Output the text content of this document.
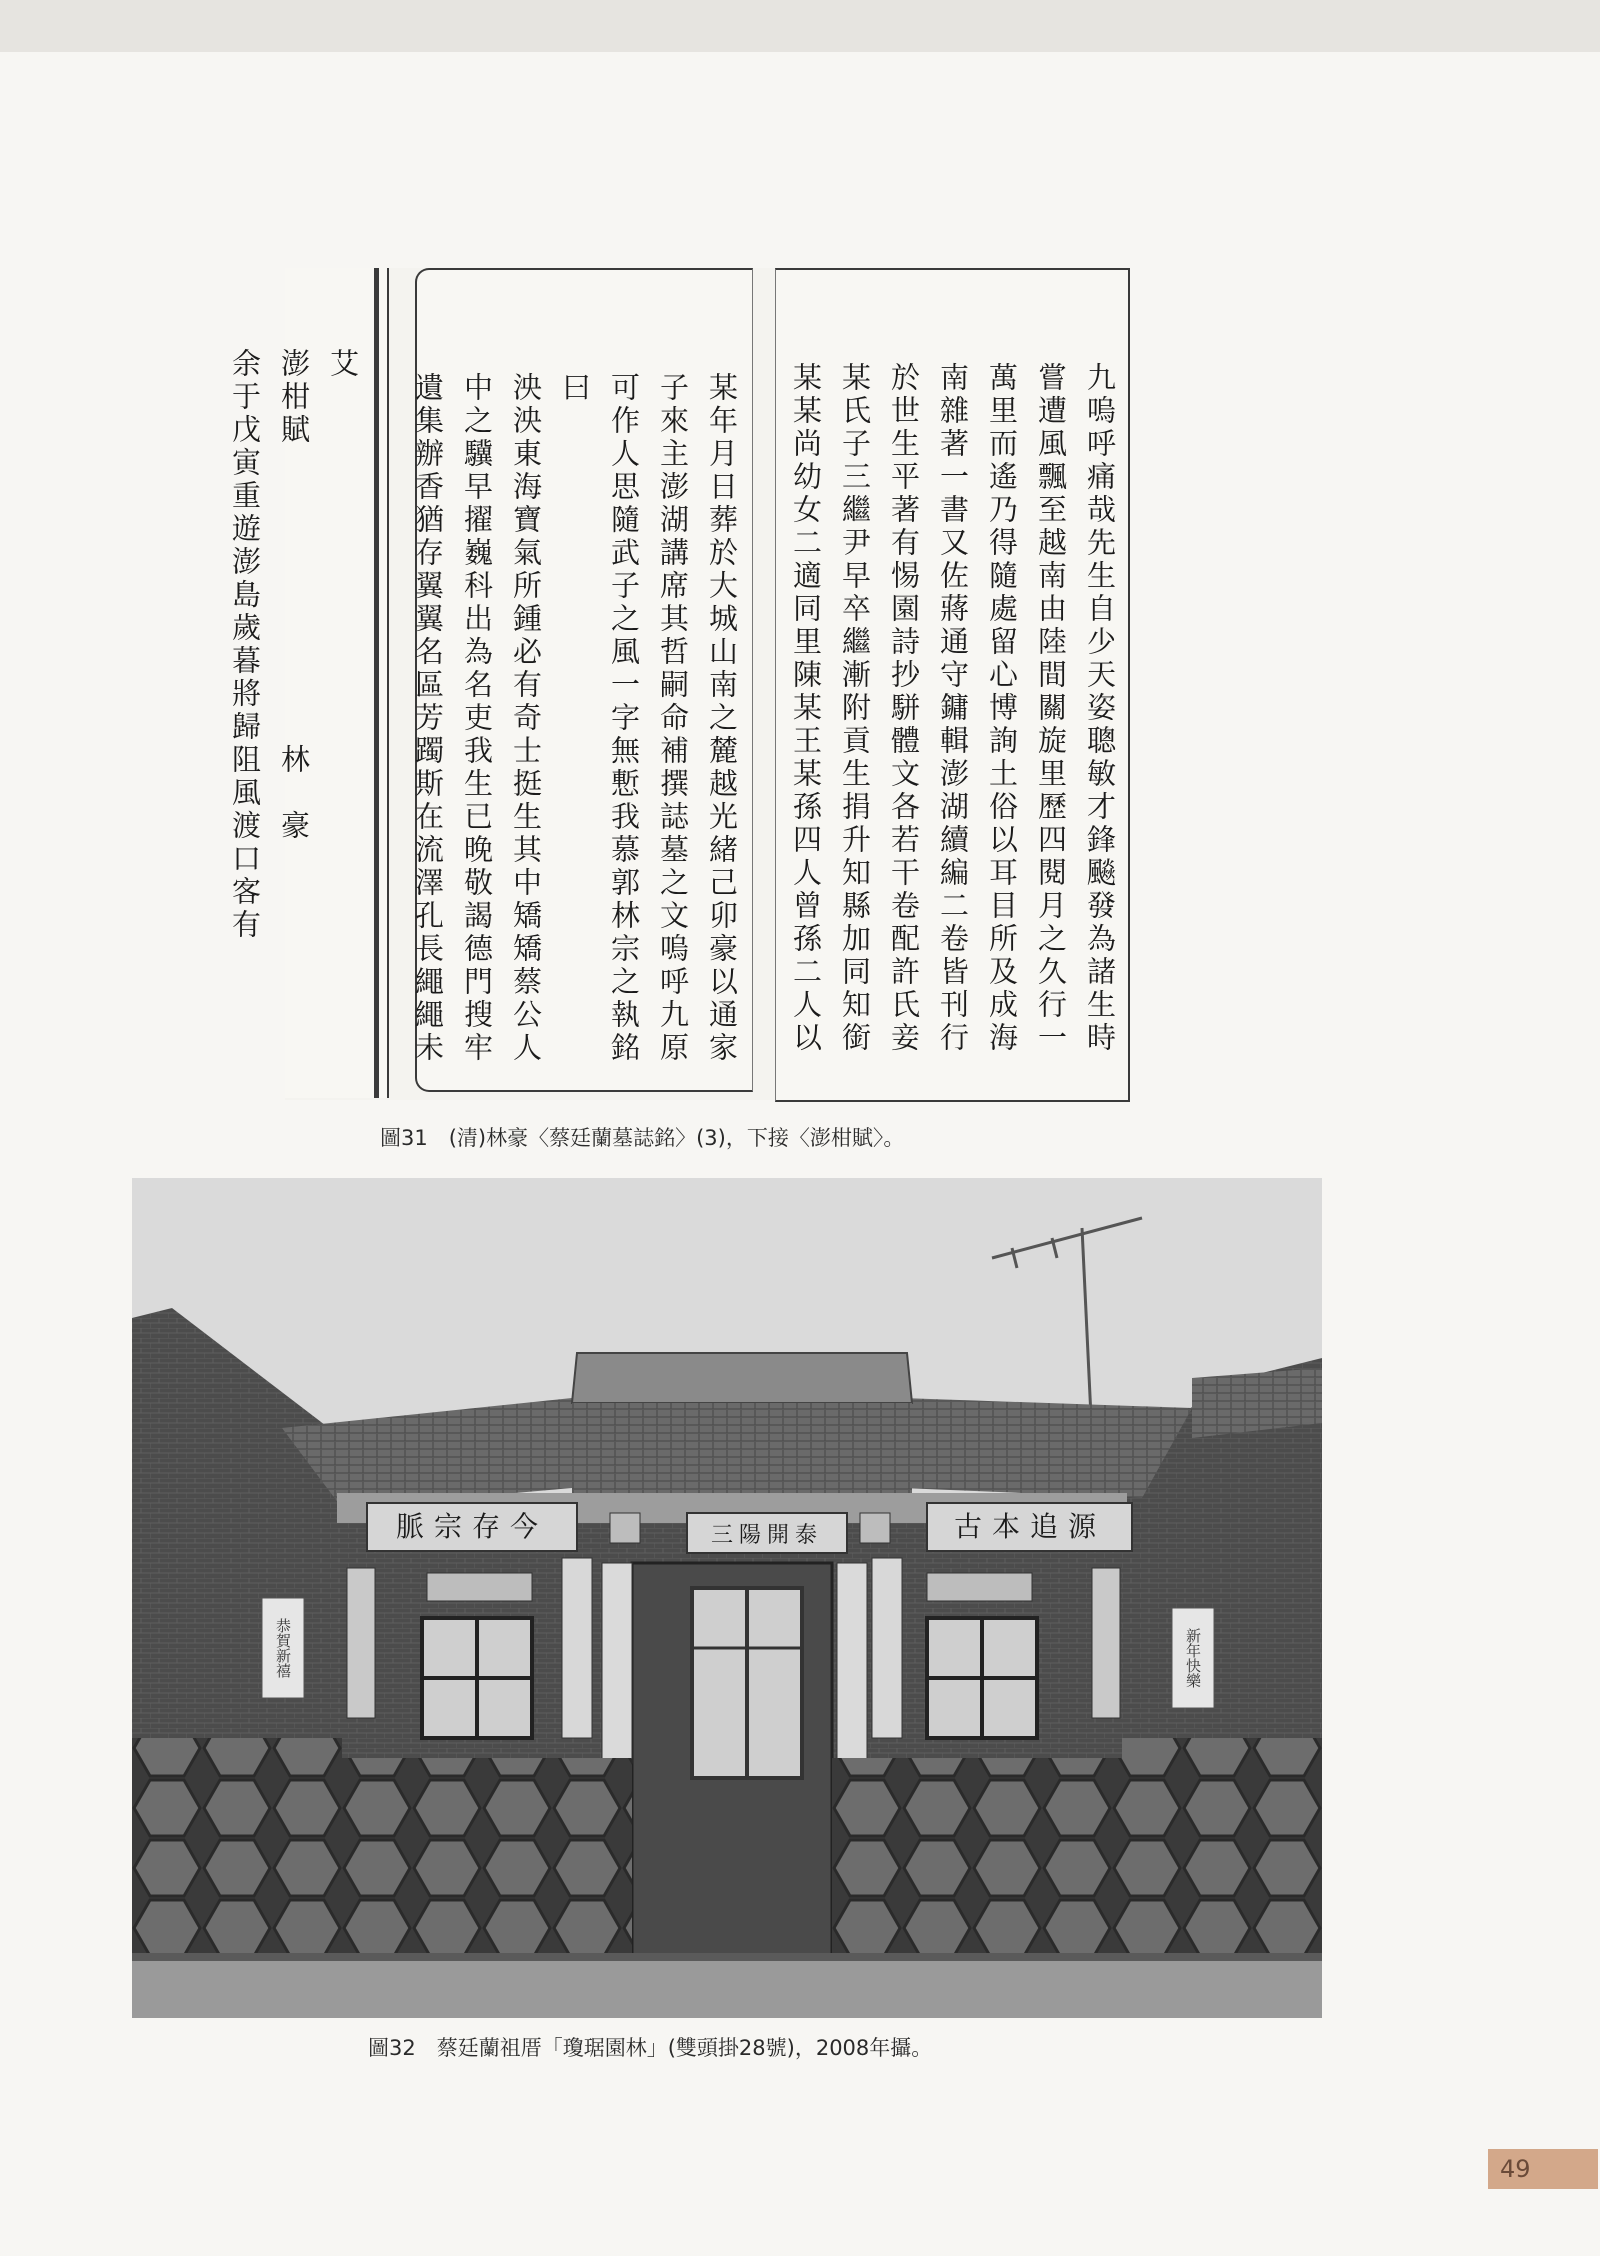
艾
澎柑賦　　　　　　　　　林　豪
余于戊寅重遊澎島歲暮將歸阻風渡口客有	某年月日葬於大城山南之麓越光緒己卯豪以通家
子來主澎湖講席其哲嗣命補撰誌墓之文嗚呼九原
可作人思隨武子之風一字無慙我慕郭林宗之執銘
曰
泱泱東海寶氣所鍾必有奇士挺生其中矯矯蔡公人
中之驥早擢巍科出為名吏我生已晚敬謁德門搜牢
遺集辦香猶存翼翼名區芳躅斯在流澤孔長繩繩未	九嗚呼痛哉先生自少天姿聰敏才鋒飈發為諸生時
嘗遭風飄至越南由陸間關旋里歷四閱月之久行一
萬里而遙乃得隨處留心博詢土俗以耳目所及成海
南雜著一書又佐蔣通守鏞輯澎湖續編二卷皆刊行
於世生平著有惕園詩抄駢體文各若干卷配許氏妾
某氏子三繼尹早卒繼漸附貢生捐升知縣加同知銜
某某尚幼女二適同里陳某王某孫四人曾孫二人以
圖31　(清)林豪〈蔡廷蘭墓誌銘〉(3)，下接〈澎柑賦〉。
脈宗存今	三陽開泰	古本追源
恭賀新禧	新年快樂
圖32　蔡廷蘭祖厝「瓊琚園林」(雙頭掛28號)，2008年攝。
49
